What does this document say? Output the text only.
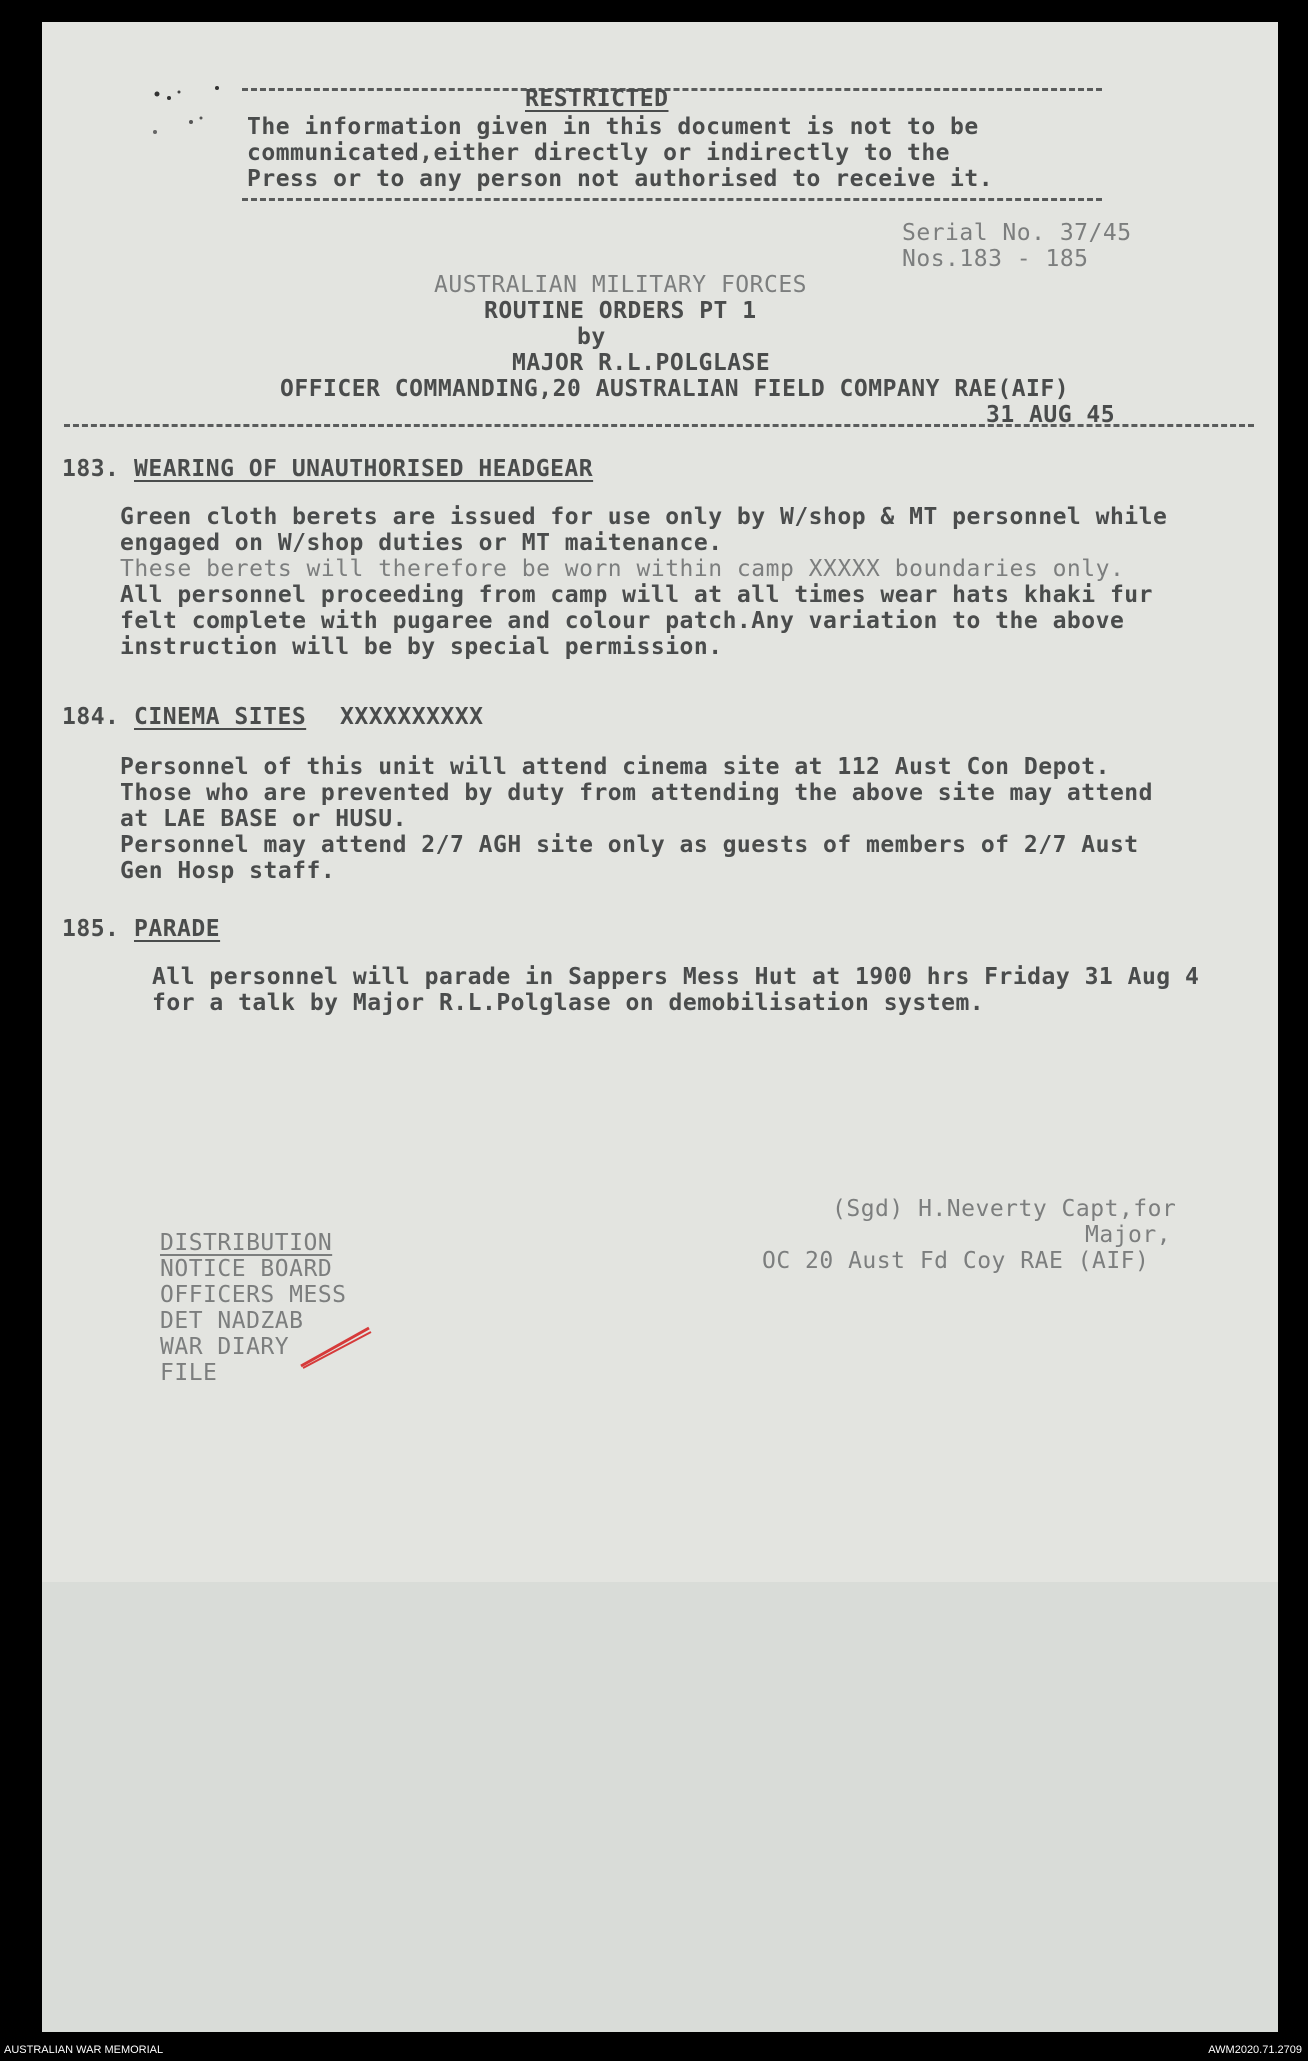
RESTRICTED
The information given in this document is not to be
communicated,either directly or indirectly to the
Press or to any person not authorised to receive it.
Serial No. 37/45
Nos.183 - 185
AUSTRALIAN MILITARY FORCES
ROUTINE ORDERS PT 1
by
MAJOR R.L.POLGLASE
OFFICER COMMANDING,20 AUSTRALIAN FIELD COMPANY RAE(AIF)
31 AUG 45
183. WEARING OF UNAUTHORISED HEADGEAR
Green cloth berets are issued for use only by W/shop & MT personnel while
engaged on W/shop duties or MT maitenance.
These berets will therefore be worn within camp XXXXX boundaries only.
All personnel proceeding from camp will at all times wear hats khaki fur
felt complete with pugaree and colour patch.Any variation to the above
instruction will be by special permission.
184. CINEMA SITES XXXXXXXXXX
Personnel of this unit will attend cinema site at 112 Aust Con Depot.
Those who are prevented by duty from attending the above site may attend
at LAE BASE or HUSU.
Personnel may attend 2/7 AGH site only as guests of members of 2/7 Aust
Gen Hosp staff.
185. PARADE
All personnel will parade in Sappers Mess Hut at 1900 hrs Friday 31 Aug 4
for a talk by Major R.L.Polglase on demobilisation system.
(Sgd) H.Neverty Capt,for
Major,
OC 20 Aust Fd Coy RAE (AIF)
DISTRIBUTION
NOTICE BOARD
OFFICERS MESS
DET NADZAB
WAR DIARY
FILE
AUSTRALIAN WAR MEMORIAL	AWM2020.71.2709
